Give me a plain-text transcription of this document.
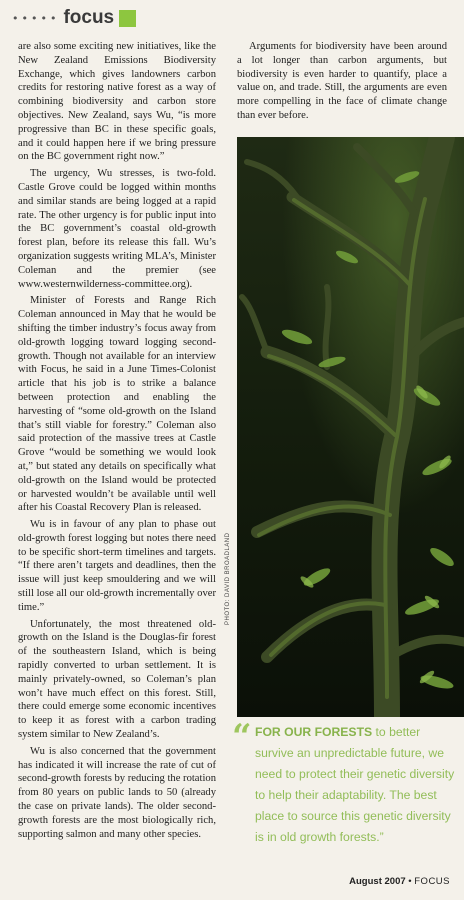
••••• focus

are also some exciting new initiatives, like the New Zealand Emissions Biodiversity Exchange, which gives landowners carbon credits for restoring native forest as a way of combining biodiversity and carbon store objectives. New Zealand, says Wu, “is more progressive than BC in these specific goals, and it could happen here if we bring pressure on the BC government right now.”

The urgency, Wu stresses, is two-fold. Castle Grove could be logged within months and similar stands are being logged at a rapid rate. The other urgency is for public input into the BC government’s coastal old-growth forest plan, before its release this fall. Wu’s organization suggests writing MLA’s, Minister Coleman and the premier (see www.westernwilderness-committee.org).

Minister of Forests and Range Rich Coleman announced in May that he would be shifting the timber industry’s focus away from old-growth logging toward logging second-growth. Though not available for an interview with Focus, he said in a June Times-Colonist article that his job is to strike a balance between protection and enabling the harvesting of “some old-growth on the Island that’s still viable for forestry.” Coleman also said protection of the massive trees at Castle Grove “would be something we would look at,” but stated any details on specifically what old-growth on the Island would be protected or harvested wouldn’t be available until well after his Coastal Recovery Plan is released.

Wu is in favour of any plan to phase out old-growth forest logging but notes there need to be specific short-term timelines and targets. “If there aren’t targets and deadlines, then the issue will just keep smouldering and we will still lose all our old-growth incrementally over time.”

Unfortunately, the most threatened old-growth on the Island is the Douglas-fir forest of the southeastern Island, which is being rapidly converted to urban settlement. It is mainly privately-owned, so Coleman’s plan won’t have much effect on this forest. Still, there could emerge some economic incentives to keep it as forest with a carbon trading system similar to New Zealand’s.

Wu is also concerned that the government has indicated it will increase the rate of cut of second-growth forests by reducing the rotation from 80 years on public lands to 50 (already the case on private lands). The older second-growth forests are the most biologically rich, supporting salmon and many other species.

Arguments for biodiversity have been around a lot longer than carbon arguments, but biodiversity is even harder to quantify, place a value on, and trade. Still, the arguments are even more compelling in the face of climate change than ever before.

PHOTO: DAVID BROADLAND
“ FOR OUR FORESTS to better survive an unpredictable future, we need to protect their genetic diversity to help their adaptability. The best place to source this genetic diversity is in old growth forests.”

August 2007 • FOCUS
